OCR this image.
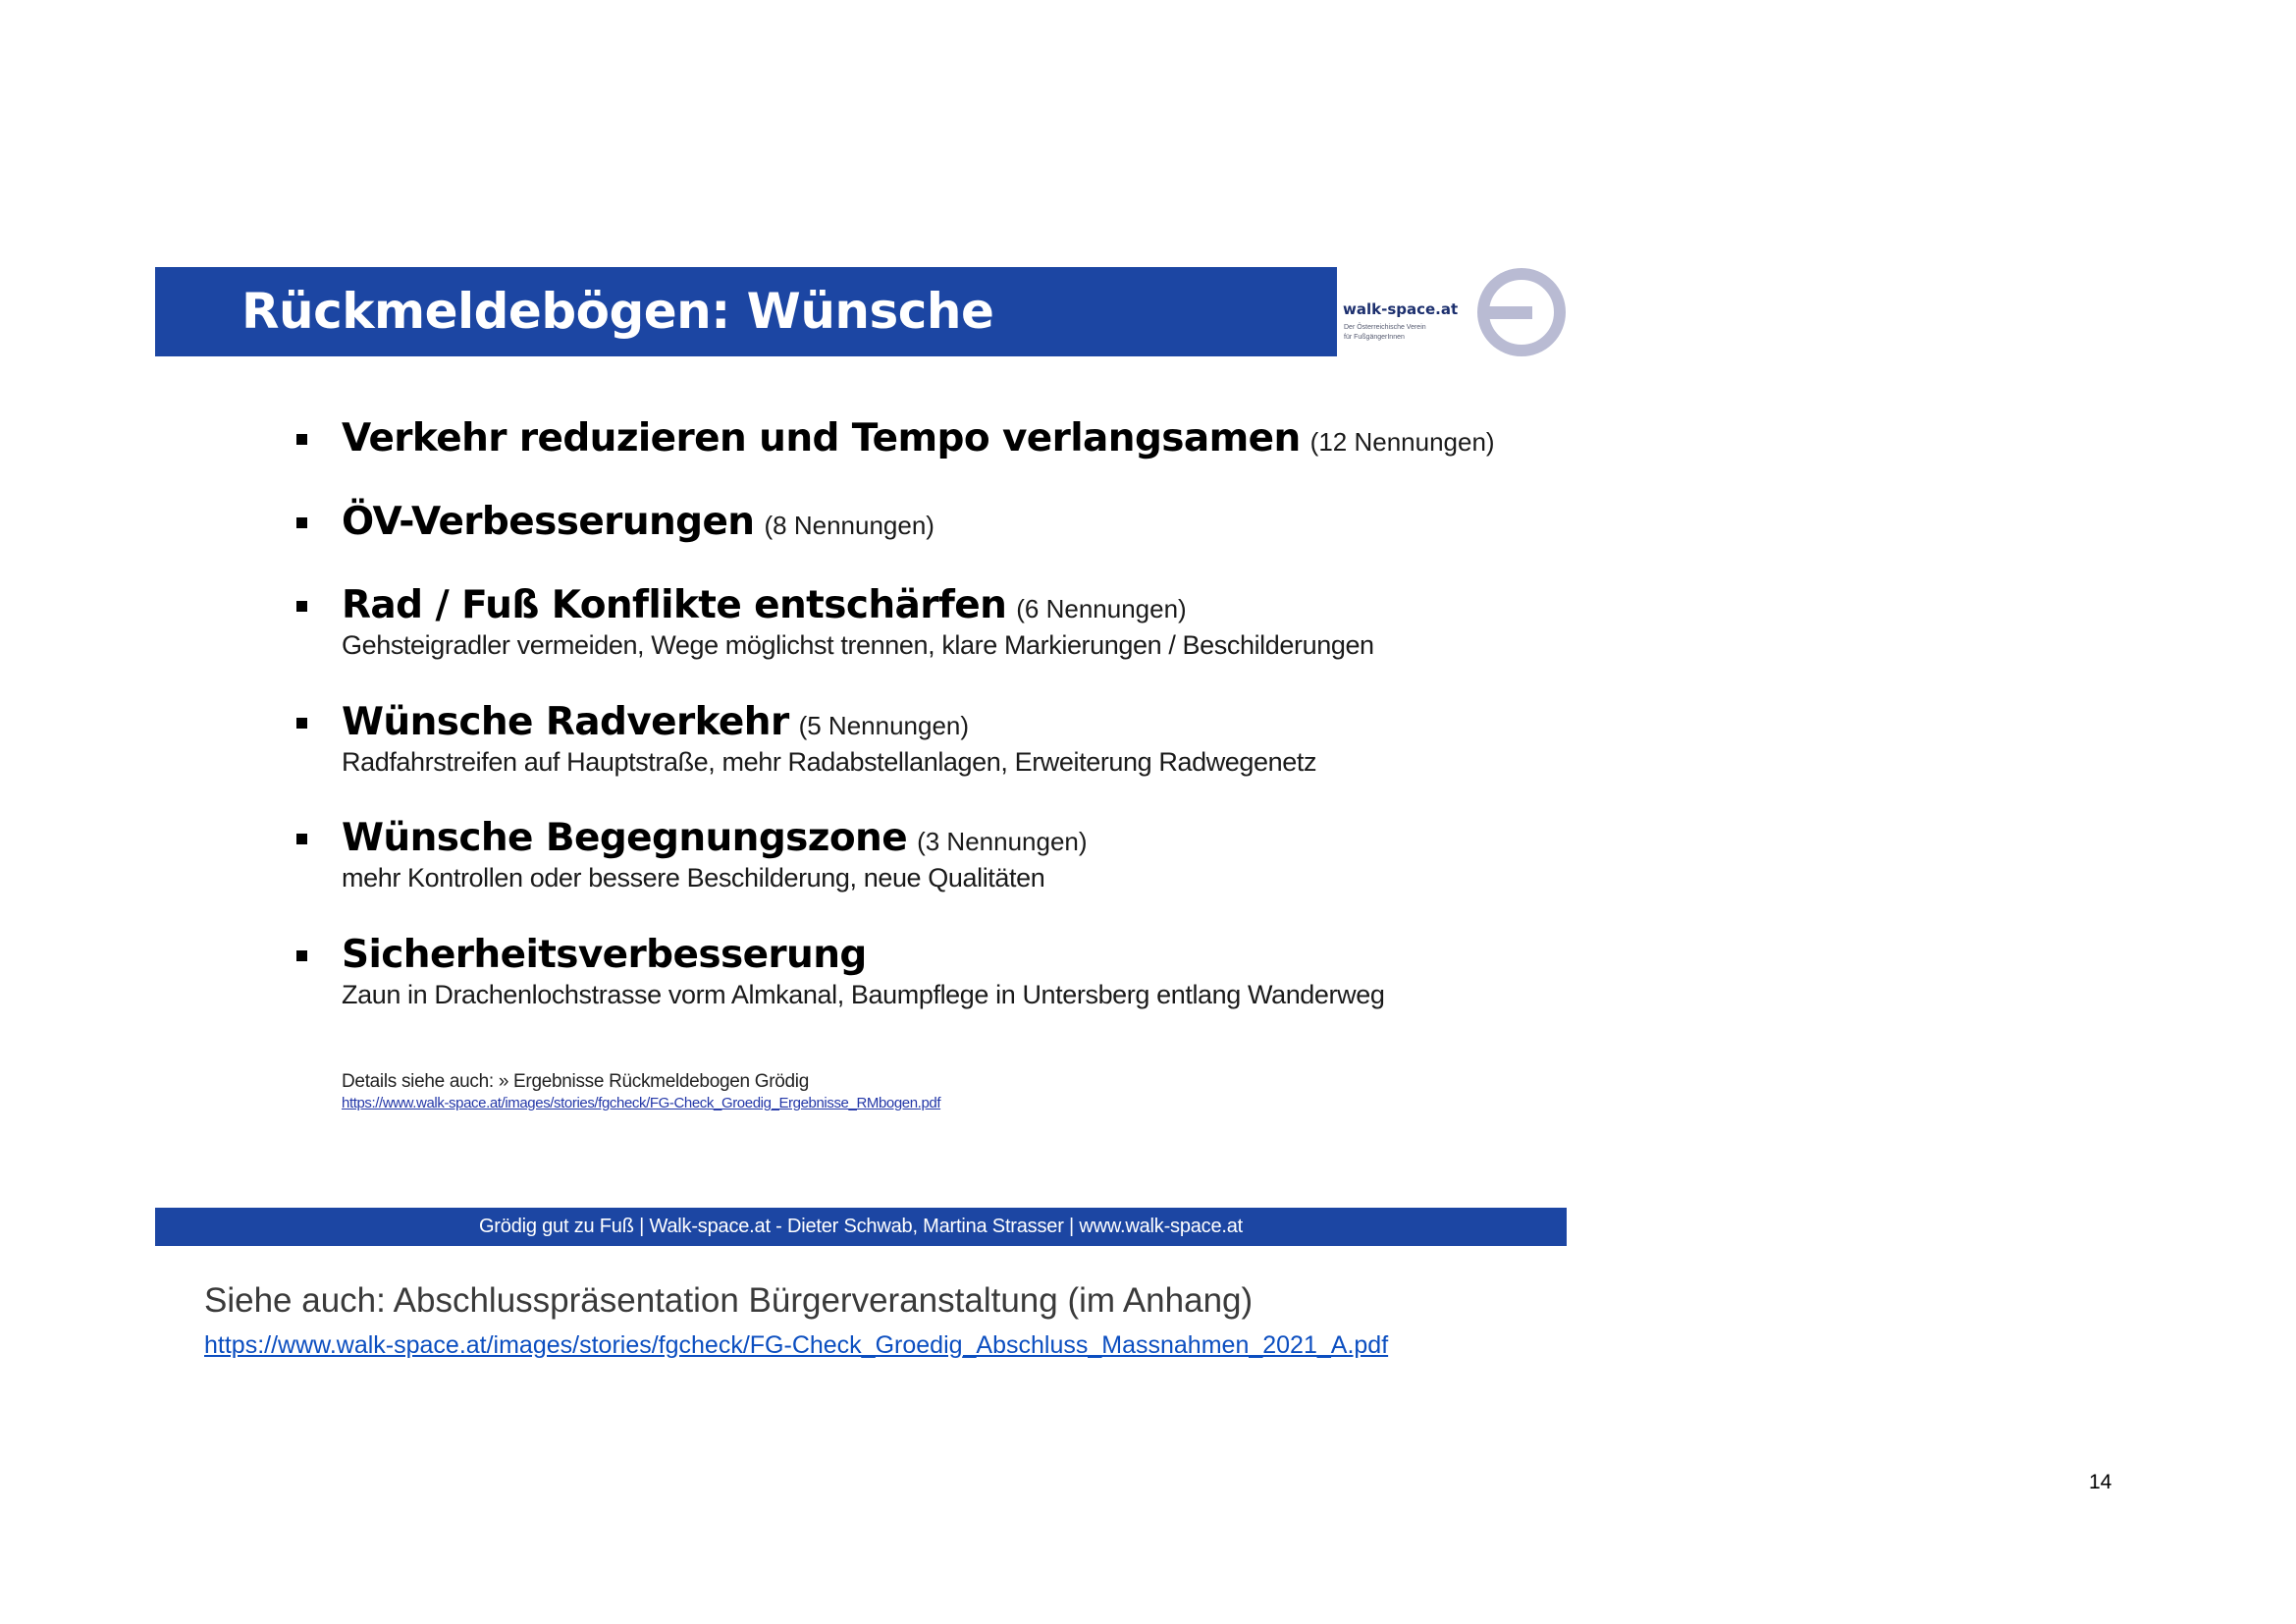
Rückmeldebögen: Wünsche	walk-space.at
Der Österreichische Verein
für FußgängerInnen
Verkehr reduzieren und Tempo verlangsamen (12 Nennungen)
ÖV-Verbesserungen (8 Nennungen)
Rad / Fuß Konflikte entschärfen (6 Nennungen)
Gehsteigradler vermeiden, Wege möglichst trennen, klare Markierungen / Beschilderungen
Wünsche Radverkehr (5 Nennungen)
Radfahrstreifen auf Hauptstraße, mehr Radabstellanlagen, Erweiterung Radwegenetz
Wünsche Begegnungszone (3 Nennungen)
mehr Kontrollen oder bessere Beschilderung, neue Qualitäten
Sicherheitsverbesserung
Zaun in Drachenlochstrasse vorm Almkanal, Baumpflege in Untersberg entlang Wanderweg
Details siehe auch: » Ergebnisse Rückmeldebogen Grödig
https://www.walk-space.at/images/stories/fgcheck/FG-Check_Groedig_Ergebnisse_RMbogen.pdf
Grödig gut zu Fuß | Walk-space.at - Dieter Schwab, Martina Strasser | www.walk-space.at
Siehe auch: Abschlusspräsentation Bürgerveranstaltung (im Anhang)
https://www.walk-space.at/images/stories/fgcheck/FG-Check_Groedig_Abschluss_Massnahmen_2021_A.pdf
14
